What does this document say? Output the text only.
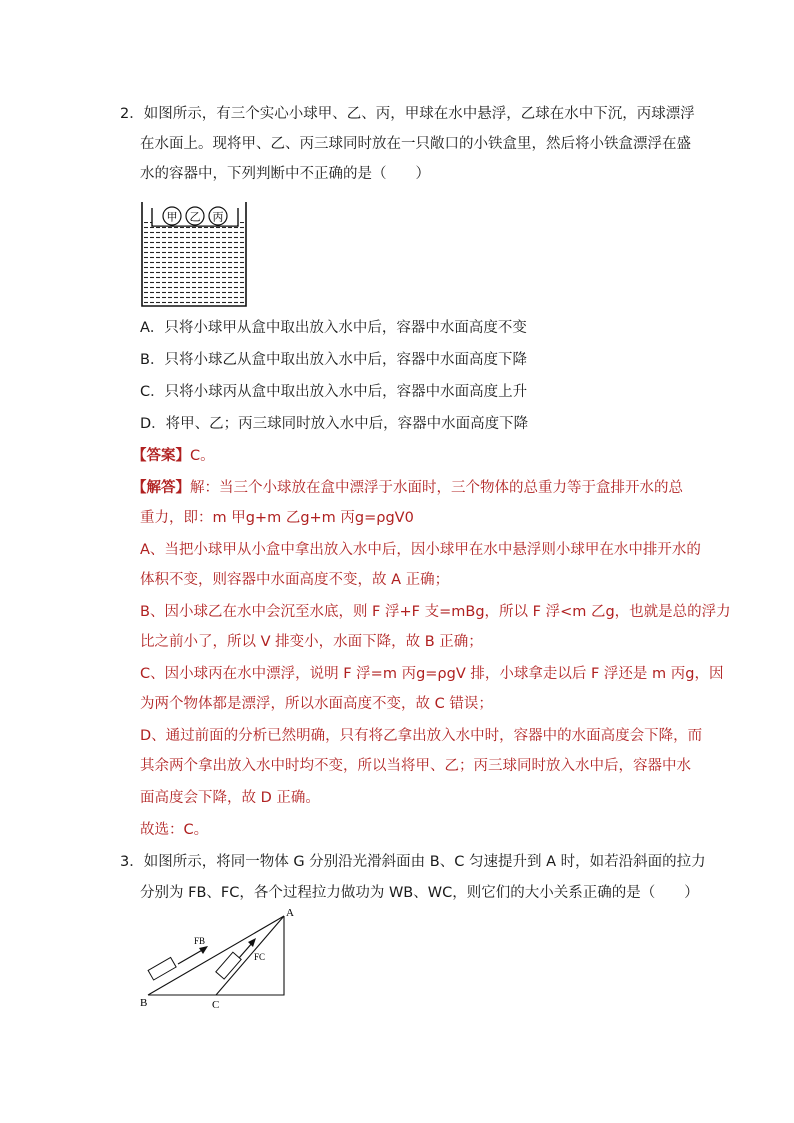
2．如图所示，有三个实心小球甲、乙、丙，甲球在水中悬浮，乙球在水中下沉，丙球漂浮
在水面上。现将甲、乙、丙三球同时放在一只敞口的小铁盒里，然后将小铁盒漂浮在盛
水的容器中，下列判断中不正确的是（　　）
甲 乙 丙
A．只将小球甲从盒中取出放入水中后，容器中水面高度不变
B．只将小球乙从盒中取出放入水中后，容器中水面高度下降
C．只将小球丙从盒中取出放入水中后，容器中水面高度上升
D．将甲、乙；丙三球同时放入水中后，容器中水面高度下降
【答案】C。
【解答】解：当三个小球放在盒中漂浮于水面时，三个物体的总重力等于盒排开水的总
重力，即：m 甲g+m 乙g+m 丙g=ρgV0
A、当把小球甲从小盒中拿出放入水中后，因小球甲在水中悬浮则小球甲在水中排开水的
体积不变，则容器中水面高度不变，故 A 正确；
B、因小球乙在水中会沉至水底，则 F 浮+F 支=mBg，所以 F 浮<m 乙g，也就是总的浮力
比之前小了，所以 V 排变小，水面下降，故 B 正确；
C、因小球丙在水中漂浮，说明 F 浮=m 丙g=ρgV 排，小球拿走以后 F 浮还是 m 丙g，因
为两个物体都是漂浮，所以水面高度不变，故 C 错误；
D、通过前面的分析已然明确，只有将乙拿出放入水中时，容器中的水面高度会下降，而
其余两个拿出放入水中时均不变，所以当将甲、乙；丙三球同时放入水中后，容器中水
面高度会下降，故 D 正确。
故选：C。
3．如图所示，将同一物体 G 分别沿光滑斜面由 B、C 匀速提升到 A 时，如若沿斜面的拉力
分别为 FB、FC，各个过程拉力做功为 WB、WC，则它们的大小关系正确的是（　　）
A
B	C
FB
FC
